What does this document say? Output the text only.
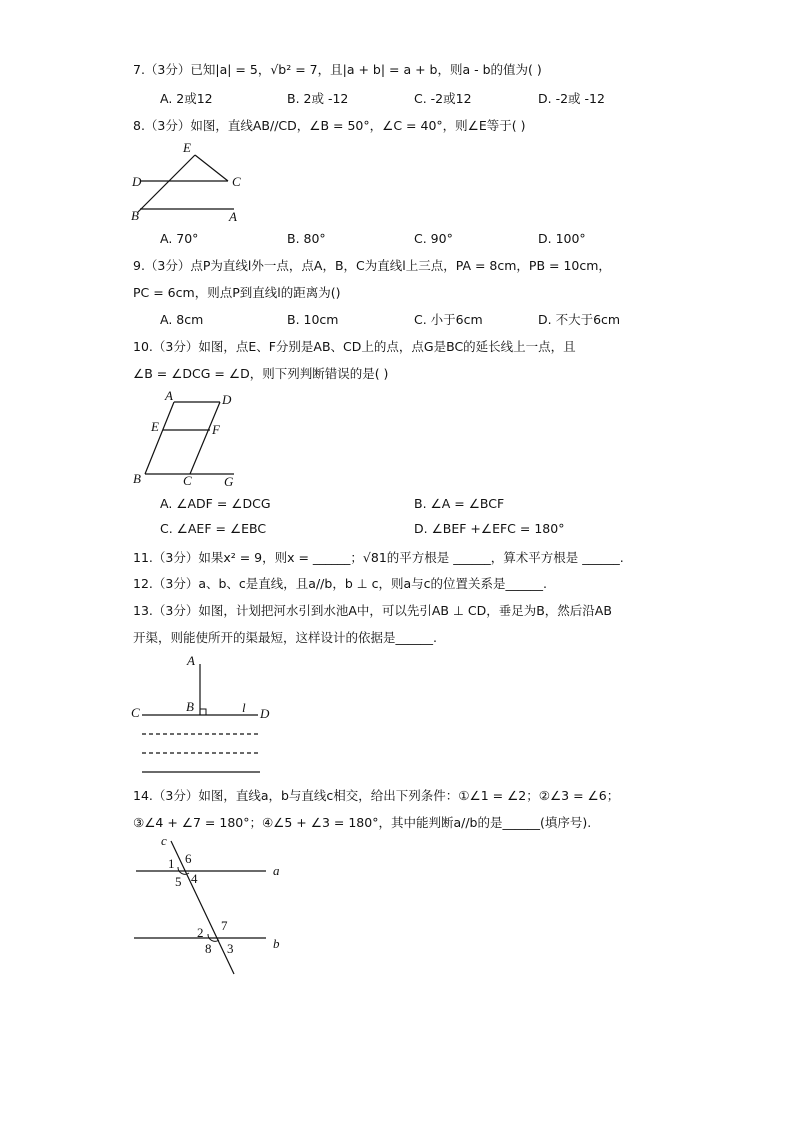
7.（3分）已知|a| = 5，√b² = 7，且|a + b| = a + b，则a - b的值为( )
A. 2或12	B. 2或 -12	C. -2或12	D. -2或 -12
8.（3分）如图，直线AB//CD，∠B = 50°，∠C = 40°，则∠E等于( )
E
D	C
B	A
A. 70°	B. 80°	C. 90°	D. 100°
9.（3分）点P为直线l外一点，点A，B，C为直线l上三点，PA = 8cm，PB = 10cm，
PC = 6cm，则点P到直线l的距离为()
A. 8cm	B. 10cm	C. 小于6cm	D. 不大于6cm
10.（3分）如图，点E、F分别是AB、CD上的点，点G是BC的延长线上一点，且
∠B = ∠DCG = ∠D，则下列判断错误的是( )
A	D
E	F
B	C G
A. ∠ADF = ∠DCG	B. ∠A = ∠BCF
C. ∠AEF = ∠EBC	D. ∠BEF +∠EFC = 180°
11.（3分）如果x² = 9，则x = ______；√81的平方根是 ______，算术平方根是 ______.
12.（3分）a、b、c是直线，且a//b，b ⊥ c，则a与c的位置关系是______.
13.（3分）如图，计划把河水引到水池A中，可以先引AB ⊥ CD，垂足为B，然后沿AB
开渠，则能使所开的渠最短，这样设计的依据是______.
A
C	B	l D
14.（3分）如图，直线a，b与直线c相交，给出下列条件：①∠1 = ∠2；②∠3 = ∠6；
③∠4 + ∠7 = 180°；④∠5 + ∠3 = 180°，其中能判断a//b的是______(填序号).
c
a
b
1 6
5 4
7
2
8 3
